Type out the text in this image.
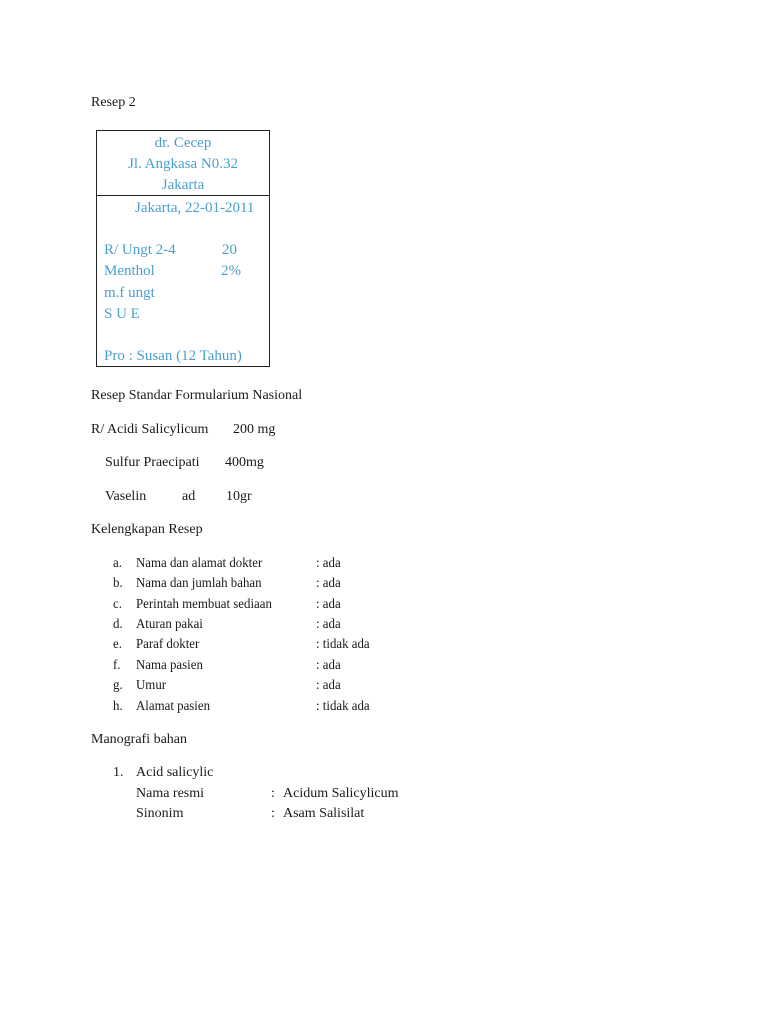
Resep 2
dr. Cecep
Jl. Angkasa N0.32
Jakarta
Jakarta, 22-01-2011
R/ Ungt 2-4	20
Menthol	2%
m.f ungt
S U E
Pro : Susan (12 Tahun)
Resep Standar Formularium Nasional
R/ Acidi Salicylicum 200 mg
Sulfur Praecipati 400mg
Vaselin	ad 10gr
Kelengkapan Resep
a. Nama dan alamat dokter	: ada
b. Nama dan jumlah bahan	: ada
c. Perintah membuat sediaan	: ada
d. Aturan pakai	: ada
e. Paraf dokter	: tidak ada
f. Nama pasien	: ada
g. Umur	: ada
h. Alamat pasien	: tidak ada
Manografi bahan
1. Acid salicylic
Nama resmi	: Acidum Salicylicum
Sinonim	: Asam Salisilat
